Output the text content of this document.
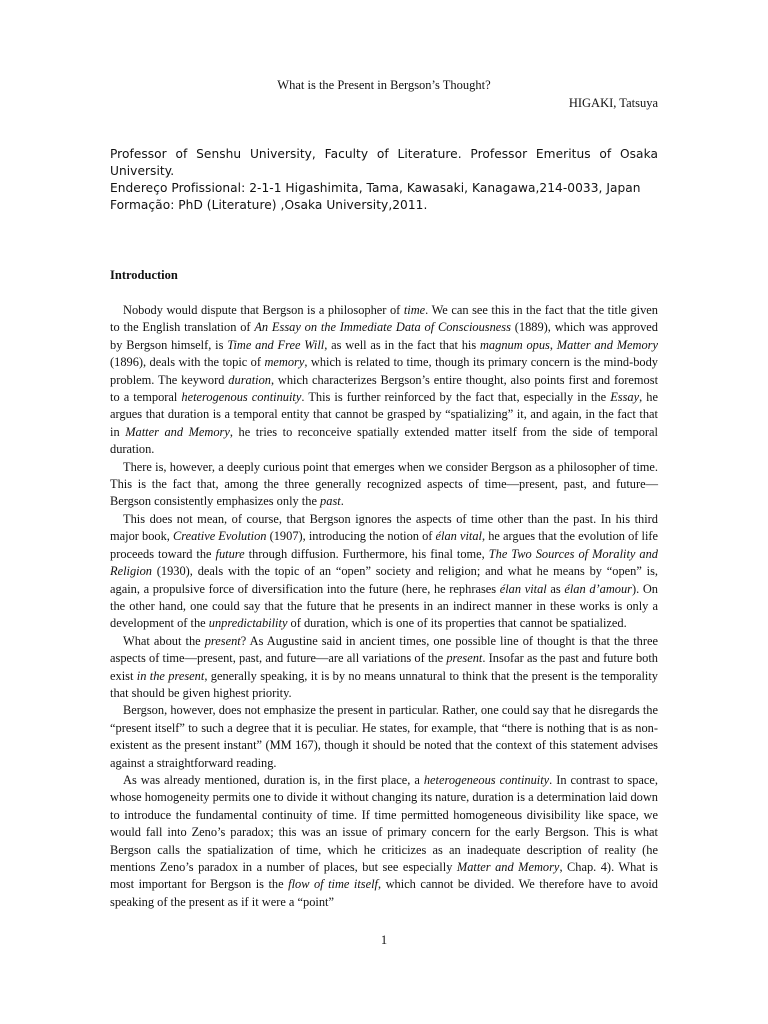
What is the Present in Bergson’s Thought?
HIGAKI, Tatsuya
Professor of Senshu University, Faculty of Literature. Professor Emeritus of Osaka University.
Endereço Profissional: 2-1-1 Higashimita, Tama, Kawasaki, Kanagawa,214-0033, Japan
Formação: PhD (Literature) ,Osaka University,2011.
Introduction

Nobody would dispute that Bergson is a philosopher of time. We can see this in the fact that the title given to the English translation of An Essay on the Immediate Data of Consciousness (1889), which was approved by Bergson himself, is Time and Free Will, as well as in the fact that his magnum opus, Matter and Memory (1896), deals with the topic of memory, which is related to time, though its primary concern is the mind-body problem. The keyword duration, which characterizes Bergson’s entire thought, also points first and foremost to a temporal heterogenous continuity. This is further reinforced by the fact that, especially in the Essay, he argues that duration is a temporal entity that cannot be grasped by “spatializing” it, and again, in the fact that in Matter and Memory, he tries to reconceive spatially extended matter itself from the side of temporal duration.

There is, however, a deeply curious point that emerges when we consider Bergson as a philosopher of time. This is the fact that, among the three generally recognized aspects of time—present, past, and future—Bergson consistently emphasizes only the past.

This does not mean, of course, that Bergson ignores the aspects of time other than the past. In his third major book, Creative Evolution (1907), introducing the notion of élan vital, he argues that the evolution of life proceeds toward the future through diffusion. Furthermore, his final tome, The Two Sources of Morality and Religion (1930), deals with the topic of an “open” society and religion; and what he means by “open” is, again, a propulsive force of diversification into the future (here, he rephrases élan vital as élan d’amour). On the other hand, one could say that the future that he presents in an indirect manner in these works is only a development of the unpredictability of duration, which is one of its properties that cannot be spatialized.

What about the present? As Augustine said in ancient times, one possible line of thought is that the three aspects of time—present, past, and future—are all variations of the present. Insofar as the past and future both exist in the present, generally speaking, it is by no means unnatural to think that the present is the temporality that should be given highest priority.

Bergson, however, does not emphasize the present in particular. Rather, one could say that he disregards the “present itself” to such a degree that it is peculiar. He states, for example, that “there is nothing that is as non-existent as the present instant” (MM 167), though it should be noted that the context of this statement advises against a straightforward reading.

As was already mentioned, duration is, in the first place, a heterogeneous continuity. In contrast to space, whose homogeneity permits one to divide it without changing its nature, duration is a determination laid down to introduce the fundamental continuity of time. If time permitted homogeneous divisibility like space, we would fall into Zeno’s paradox; this was an issue of primary concern for the early Bergson. This is what Bergson calls the spatialization of time, which he criticizes as an inadequate description of reality (he mentions Zeno’s paradox in a number of places, but see especially Matter and Memory, Chap. 4). What is most important for Bergson is the flow of time itself, which cannot be divided. We therefore have to avoid speaking of the present as if it were a “point”

1
